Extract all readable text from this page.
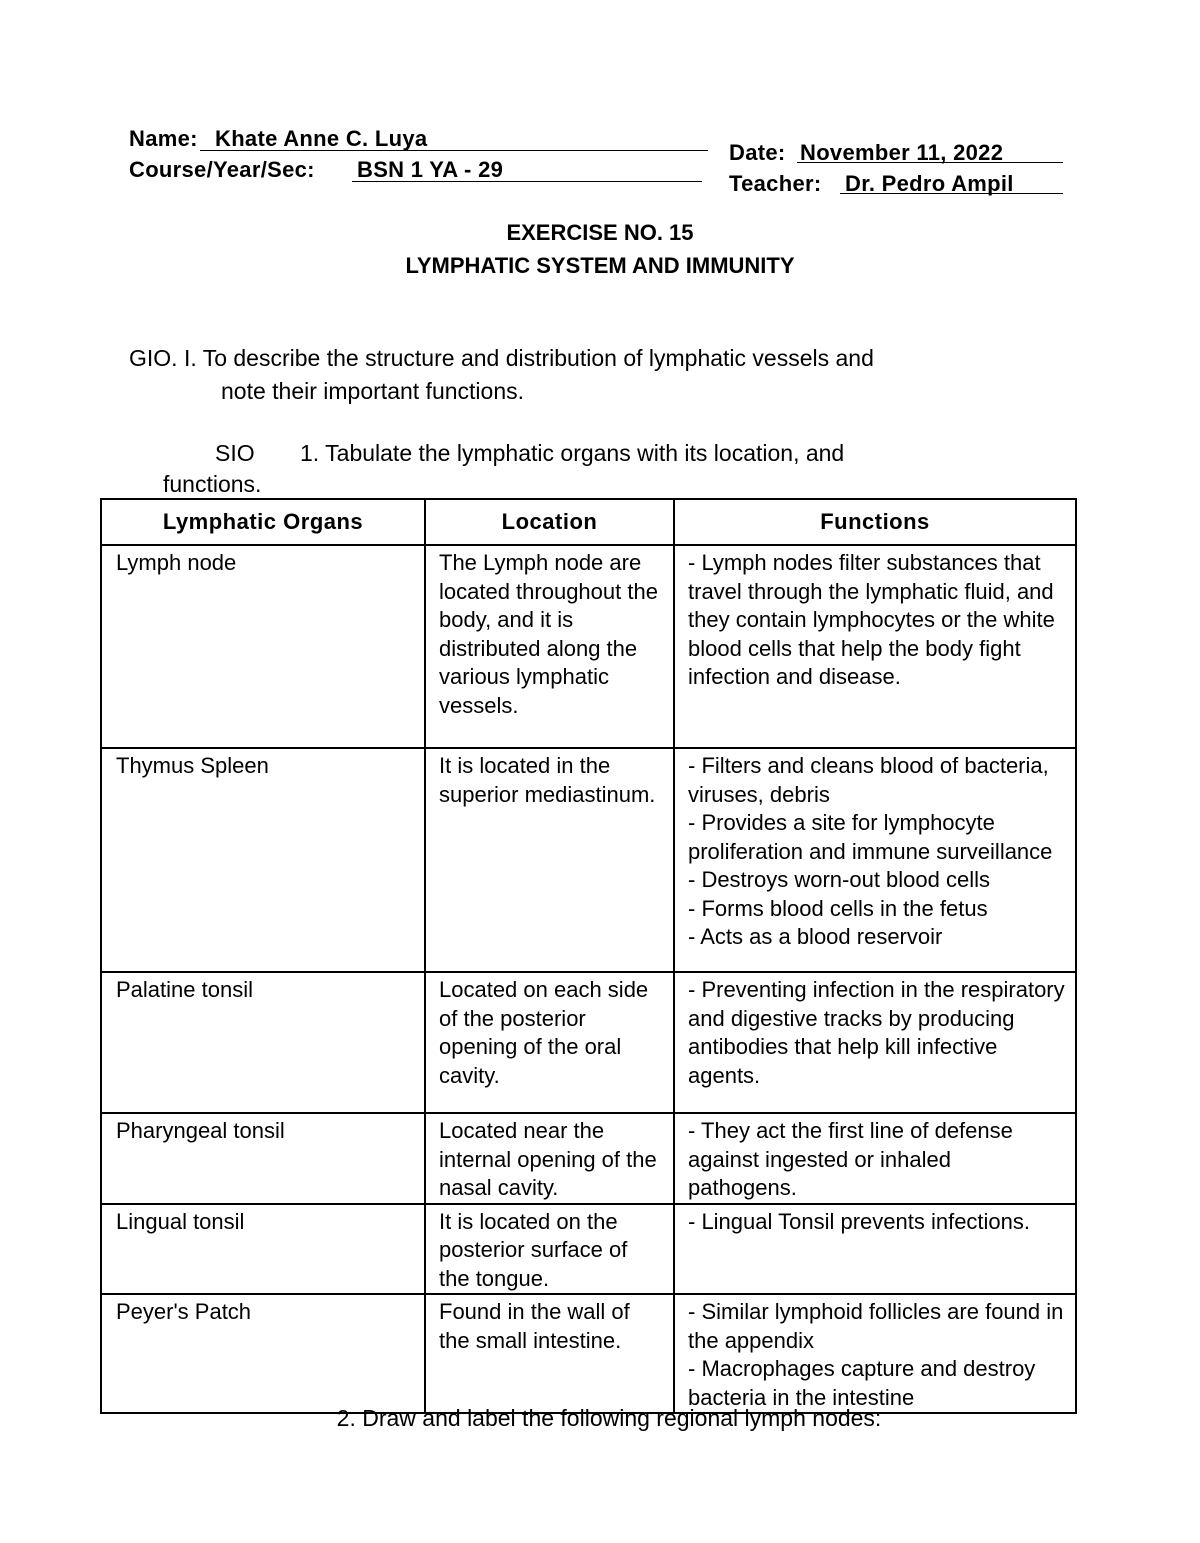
Name: Khate Anne C. Luya
Course/Year/Sec: BSN 1 YA - 29
Date: November 11, 2022
Teacher: Dr. Pedro Ampil
EXERCISE NO. 15
LYMPHATIC SYSTEM AND IMMUNITY
GIO. I. To describe the structure and distribution of lymphatic vessels and
note their important functions.
SIO 1. Tabulate the lymphatic organs with its location, and
functions.
Lymphatic Organs	Location	Functions
Lymph node	The Lymph node are located throughout the body, and it is distributed along the various lymphatic vessels.	- Lymph nodes filter substances that travel through the lymphatic fluid, and they contain lymphocytes or the white blood cells that help the body fight infection and disease.

Thymus Spleen	It is located in the superior mediastinum.	- Filters and cleans blood of bacteria, viruses, debris
- Provides a site for lymphocyte proliferation and immune surveillance
- Destroys worn-out blood cells
- Forms blood cells in the fetus
- Acts as a blood reservoir

Palatine tonsil	Located on each side of the posterior opening of the oral cavity.	- Preventing infection in the respiratory and digestive tracks by producing antibodies that help kill infective agents.

Pharyngeal tonsil	Located near the internal opening of the nasal cavity.	- They act the first line of defense against ingested or inhaled pathogens.

Lingual tonsil	It is located on the posterior surface of the tongue.	- Lingual Tonsil prevents infections.

Peyer's Patch	Found in the wall of the small intestine.	- Similar lymphoid follicles are found in the appendix
- Macrophages capture and destroy bacteria in the intestine
2. Draw and label the following regional lymph nodes:
